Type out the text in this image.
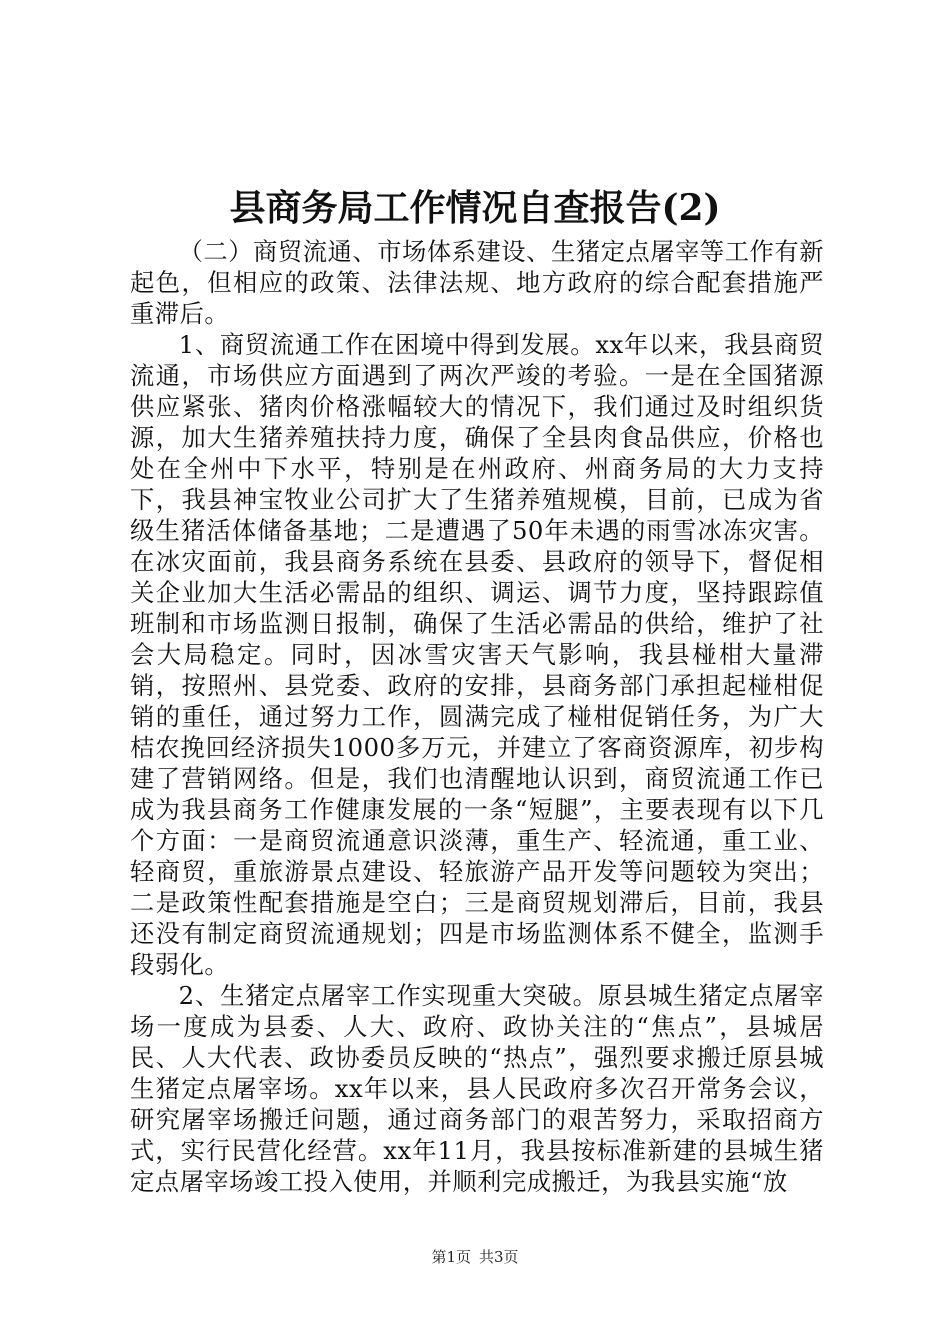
县商务局工作情况自查报告(2)

（二）商贸流通、市场体系建设、生猪定点屠宰等工作有新起色，但相应的政策、法律法规、地方政府的综合配套措施严重滞后。

1、商贸流通工作在困境中得到发展。xx年以来，我县商贸流通，市场供应方面遇到了两次严竣的考验。一是在全国猪源供应紧张、猪肉价格涨幅较大的情况下，我们通过及时组织货源，加大生猪养殖扶持力度，确保了全县肉食品供应，价格也处在全州中下水平，特别是在州政府、州商务局的大力支持下，我县神宝牧业公司扩大了生猪养殖规模，目前，已成为省级生猪活体储备基地；二是遭遇了50年未遇的雨雪冰冻灾害。在冰灾面前，我县商务系统在县委、县政府的领导下，督促相关企业加大生活必需品的组织、调运、调节力度，坚持跟踪值班制和市场监测日报制，确保了生活必需品的供给，维护了社会大局稳定。同时，因冰雪灾害天气影响，我县椪柑大量滞销，按照州、县党委、政府的安排，县商务部门承担起椪柑促销的重任，通过努力工作，圆满完成了椪柑促销任务，为广大桔农挽回经济损失1000多万元，并建立了客商资源库，初步构建了营销网络。但是，我们也清醒地认识到，商贸流通工作已成为我县商务工作健康发展的一条“短腿”，主要表现有以下几个方面：一是商贸流通意识淡薄，重生产、轻流通，重工业、轻商贸，重旅游景点建设、轻旅游产品开发等问题较为突出；二是政策性配套措施是空白；三是商贸规划滞后，目前，我县还没有制定商贸流通规划；四是市场监测体系不健全，监测手段弱化。

2、生猪定点屠宰工作实现重大突破。原县城生猪定点屠宰场一度成为县委、人大、政府、政协关注的“焦点”，县城居民、人大代表、政协委员反映的“热点”，强烈要求搬迁原县城生猪定点屠宰场。xx年以来，县人民政府多次召开常务会议，研究屠宰场搬迁问题，通过商务部门的艰苦努力，采取招商方式，实行民营化经营。xx年11月，我县按标准新建的县城生猪定点屠宰场竣工投入使用，并顺利完成搬迁，为我县实施“放

第1页 共3页
